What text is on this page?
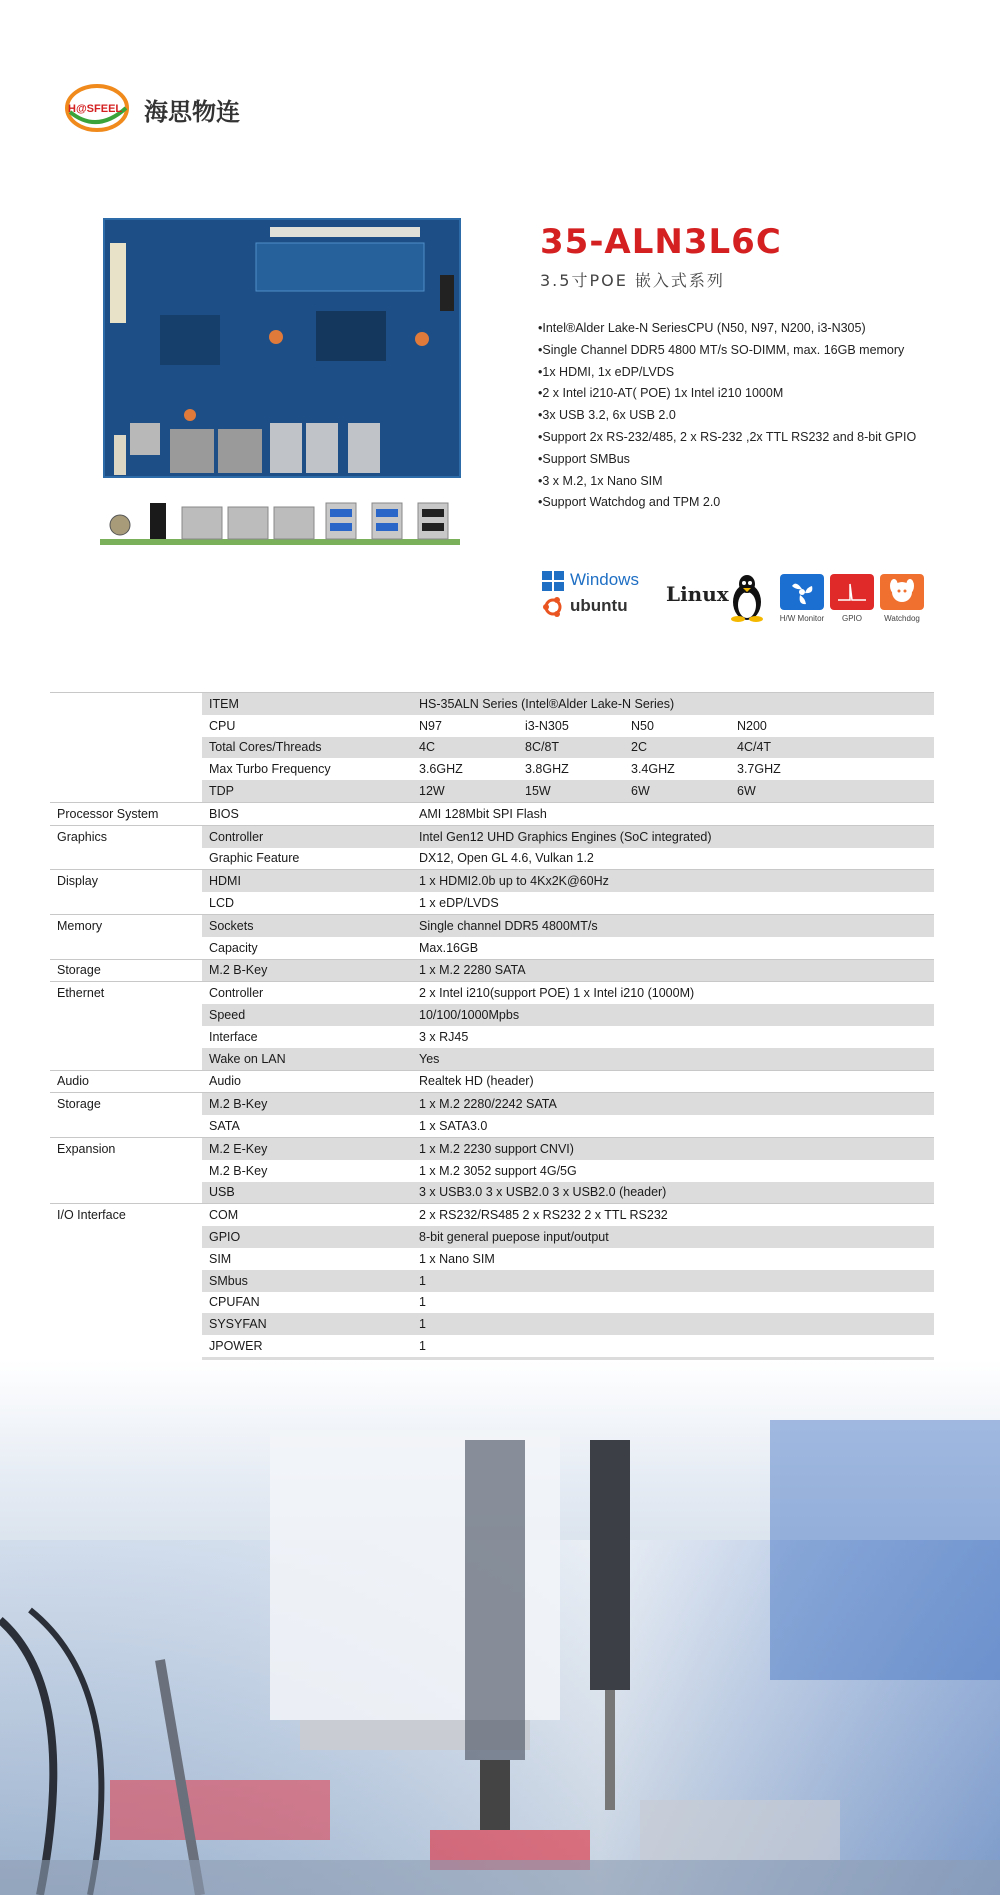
H@SFEEL 海思物连
35-ALN3L6C
3.5寸POE 嵌入式系列
•Intel®Alder Lake-N SeriesCPU (N50, N97, N200, i3-N305)
•Single Channel DDR5 4800 MT/s SO-DIMM, max. 16GB memory
•1x HDMI, 1x eDP/LVDS
•2 x Intel i210-AT( POE) 1x Intel i210 1000M
•3x USB 3.2, 6x USB 2.0
•Support 2x RS-232/485, 2 x RS-232 ,2x TTL RS232 and 8-bit GPIO
•Support SMBus
•3 x M.2, 1x Nano SIM
•Support Watchdog and TPM 2.0
Windows
ubuntu Linux
H/W Monitor	GPIO	Watchdog
	ITEM	HS-35ALN Series (Intel®Alder Lake-N Series)
	CPU	N97 i3-N305 N50 N200
	Total Cores/Threads	4C 8C/8T 2C 4C/4T
	Max Turbo Frequency	3.6GHZ 3.8GHZ 3.4GHZ 3.7GHZ
	TDP	12W 15W 6W 6W
Processor System	BIOS	AMI 128Mbit SPI Flash
Graphics	Controller	Intel Gen12 UHD Graphics Engines (SoC integrated)
	Graphic Feature	DX12, Open GL 4.6, Vulkan 1.2
Display	HDMI	1 x HDMI2.0b up to 4Kx2K@60Hz
	LCD	1 x eDP/LVDS
Memory	Sockets	Single channel DDR5 4800MT/s
	Capacity	Max.16GB
Storage	M.2 B-Key	1 x M.2 2280 SATA
Ethernet	Controller	2 x Intel i210(support POE) 1 x Intel i210 (1000M)
	Speed	10/100/1000Mpbs
	Interface	3 x RJ45
	Wake on LAN	Yes
Audio	Audio	Realtek HD (header)
Storage	M.2 B-Key	1 x M.2 2280/2242 SATA
	SATA	1 x SATA3.0
Expansion	M.2 E-Key	1 x M.2 2230 support CNVI)
	M.2 B-Key	1 x M.2 3052 support 4G/5G
	USB	3 x USB3.0 3 x USB2.0 3 x USB2.0 (header)
I/O Interface	COM	2 x RS232/RS485 2 x RS232 2 x TTL RS232
	GPIO	8-bit general puepose input/output
	SIM	1 x Nano SIM
	SMbus	1
	CPUFAN	1
	SYSYFAN	1
	JPOWER	1
